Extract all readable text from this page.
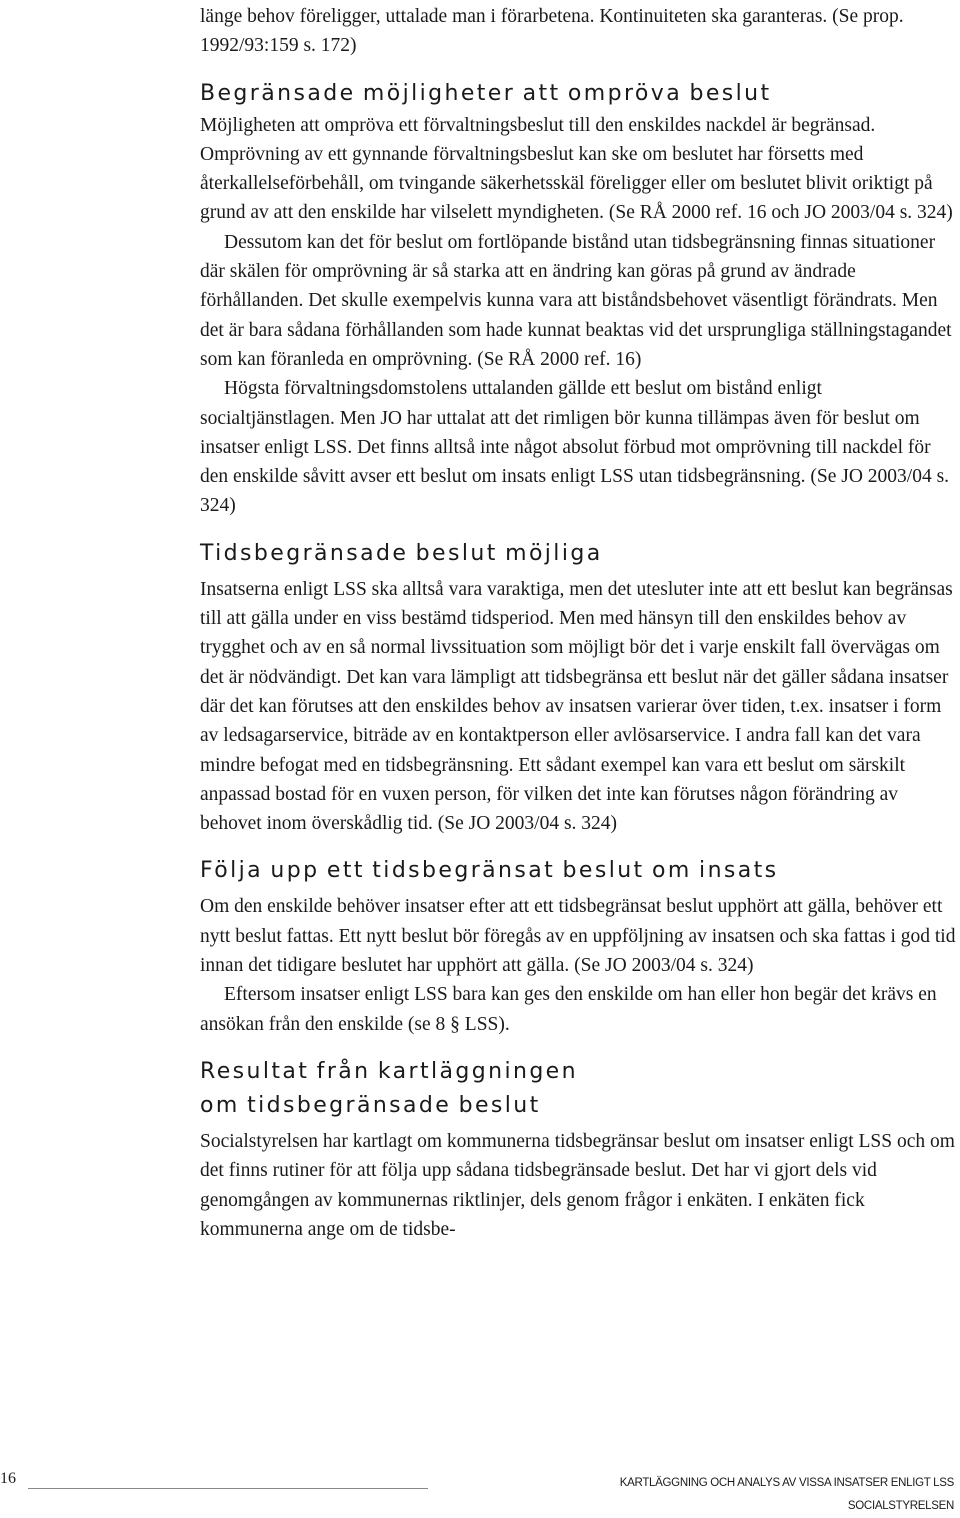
länge behov föreligger, uttalade man i förarbetena. Kontinuiteten ska garanteras. (Se prop. 1992/93:159 s. 172)

Begränsade möjligheter att ompröva beslut

Möjligheten att ompröva ett förvaltningsbeslut till den enskildes nackdel är begränsad. Omprövning av ett gynnande förvaltningsbeslut kan ske om beslutet har försetts med återkallelseförbehåll, om tvingande säkerhetsskäl föreligger eller om beslutet blivit oriktigt på grund av att den enskilde har vilselett myndigheten. (Se RÅ 2000 ref. 16 och JO 2003/04 s. 324)

Dessutom kan det för beslut om fortlöpande bistånd utan tidsbegränsning finnas situationer där skälen för omprövning är så starka att en ändring kan göras på grund av ändrade förhållanden. Det skulle exempelvis kunna vara att biståndsbehovet väsentligt förändrats. Men det är bara sådana förhållanden som hade kunnat beaktas vid det ursprungliga ställningstagandet som kan föranleda en omprövning. (Se RÅ 2000 ref. 16)

Högsta förvaltningsdomstolens uttalanden gällde ett beslut om bistånd enligt socialtjänstlagen. Men JO har uttalat att det rimligen bör kunna tillämpas även för beslut om insatser enligt LSS. Det finns alltså inte något absolut förbud mot omprövning till nackdel för den enskilde såvitt avser ett beslut om insats enligt LSS utan tidsbegränsning. (Se JO 2003/04 s. 324)

Tidsbegränsade beslut möjliga

Insatserna enligt LSS ska alltså vara varaktiga, men det utesluter inte att ett beslut kan begränsas till att gälla under en viss bestämd tidsperiod. Men med hänsyn till den enskildes behov av trygghet och av en så normal livssituation som möjligt bör det i varje enskilt fall övervägas om det är nödvändigt. Det kan vara lämpligt att tidsbegränsa ett beslut när det gäller sådana insatser där det kan förutses att den enskildes behov av insatsen varierar över tiden, t.ex. insatser i form av ledsagarservice, biträde av en kontaktperson eller avlösarservice. I andra fall kan det vara mindre befogat med en tidsbegränsning. Ett sådant exempel kan vara ett beslut om särskilt anpassad bostad för en vuxen person, för vilken det inte kan förutses någon förändring av behovet inom överskådlig tid. (Se JO 2003/04 s. 324)

Följa upp ett tidsbegränsat beslut om insats

Om den enskilde behöver insatser efter att ett tidsbegränsat beslut upphört att gälla, behöver ett nytt beslut fattas. Ett nytt beslut bör föregås av en uppföljning av insatsen och ska fattas i god tid innan det tidigare beslutet har upphört att gälla. (Se JO 2003/04 s. 324)

Eftersom insatser enligt LSS bara kan ges den enskilde om han eller hon begär det krävs en ansökan från den enskilde (se 8 § LSS).

Resultat från kartläggningen
om tidsbegränsade beslut

Socialstyrelsen har kartlagt om kommunerna tidsbegränsar beslut om insatser enligt LSS och om det finns rutiner för att följa upp sådana tidsbegränsade beslut. Det har vi gjort dels vid genomgången av kommunernas riktlinjer, dels genom frågor i enkäten. I enkäten fick kommunerna ange om de tidsbe-

16	KARTLÄGGNING OCH ANALYS AV VISSA INSATSER ENLIGT LSS
SOCIALSTYRELSEN
